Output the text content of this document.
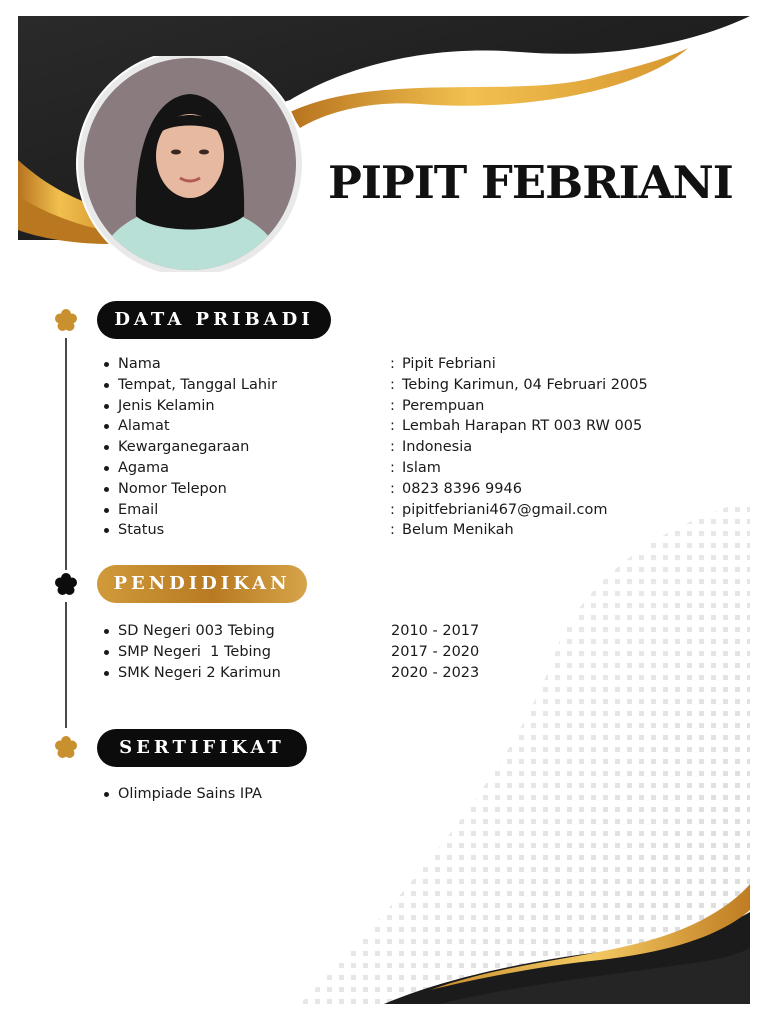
PIPIT FEBRIANI
DATA PRIBADI
Nama	: Pipit Febriani
Tempat, Tanggal Lahir	: Tebing Karimun, 04 Februari 2005
Jenis Kelamin	: Perempuan
Alamat	: Lembah Harapan RT 003 RW 005
Kewarganegaraan	: Indonesia
Agama	: Islam
Nomor Telepon	: 0823 8396 9946
Email	: pipitfebriani467@gmail.com
Status	: Belum Menikah
PENDIDIKAN
SD Negeri 003 Tebing	2010 - 2017
SMP Negeri  1 Tebing	2017 - 2020
SMK Negeri 2 Karimun	2020 - 2023
SERTIFIKAT
Olimpiade Sains IPA
